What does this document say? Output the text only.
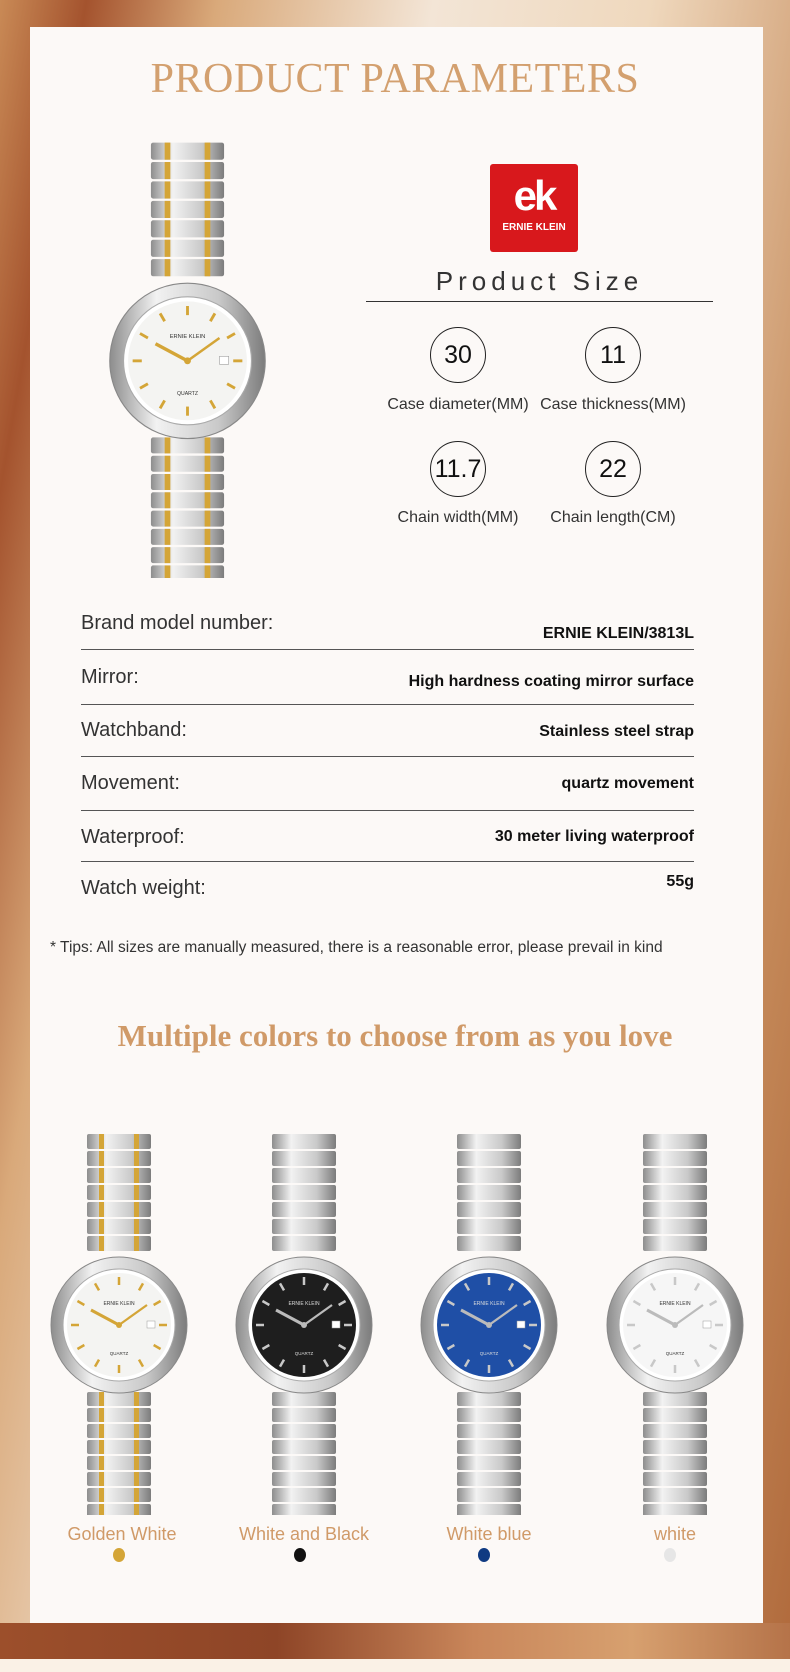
PRODUCT PARAMETERS
ERNIE KLEIN
QUARTZ
ek
ERNIE KLEIN
Product Size
30	11
Case diameter(MM) Case thickness(MM)
11.7	22
Chain width(MM)	Chain length(CM)
Brand model number:	ERNIE KLEIN/3813L
Mirror:	High hardness coating mirror surface
Watchband:	Stainless steel strap
Movement:	quartz movement
Waterproof:	30 meter living waterproof
Watch weight:	55g
* Tips: All sizes are manually measured, there is a reasonable error, please prevail in kind
Multiple colors to choose from as you love
ERNIE KLEIN
QUARTZ
ERNIE KLEIN
QUARTZ
ERNIE KLEIN
QUARTZ
ERNIE KLEIN
QUARTZ
Golden White	White and Black	White blue	white
